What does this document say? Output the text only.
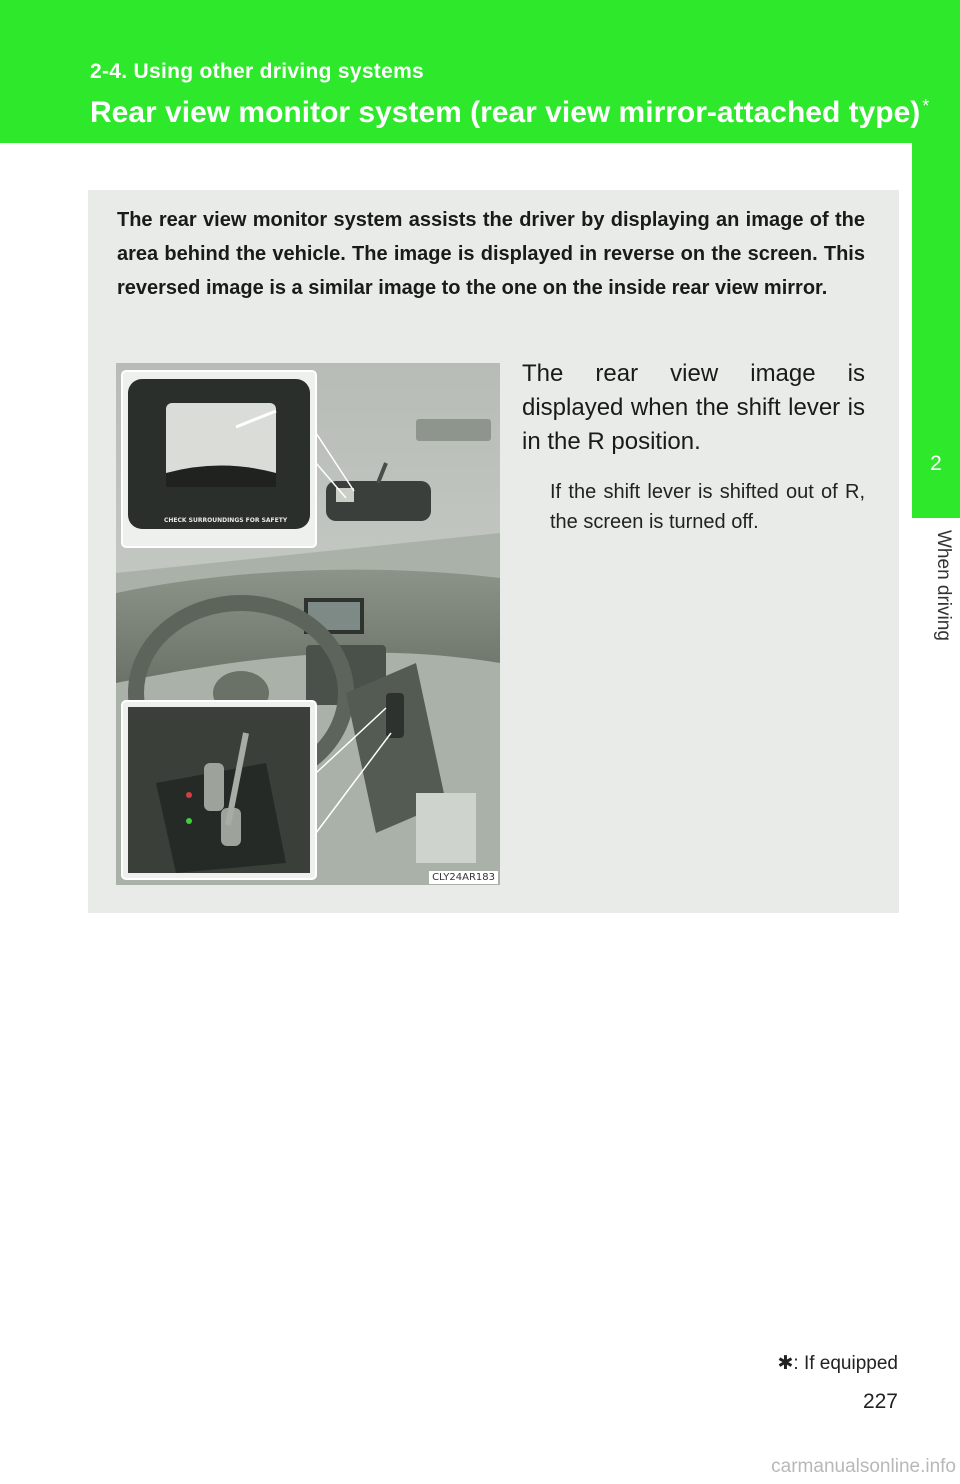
2-4. Using other driving systems
Rear view monitor system (rear view mirror-attached type) *
2
When driving
The rear view monitor system assists the driver by displaying an image of the area behind the vehicle. The image is displayed in reverse on the screen. This reversed image is a similar image to the one on the inside rear view mirror.
CHECK SURROUNDINGS FOR SAFETY
CLY24AR183
The rear view image is displayed when the shift lever is in the R position.
If the shift lever is shifted out of R, the screen is turned off.
✱: If equipped
227
carmanualsonline.info
